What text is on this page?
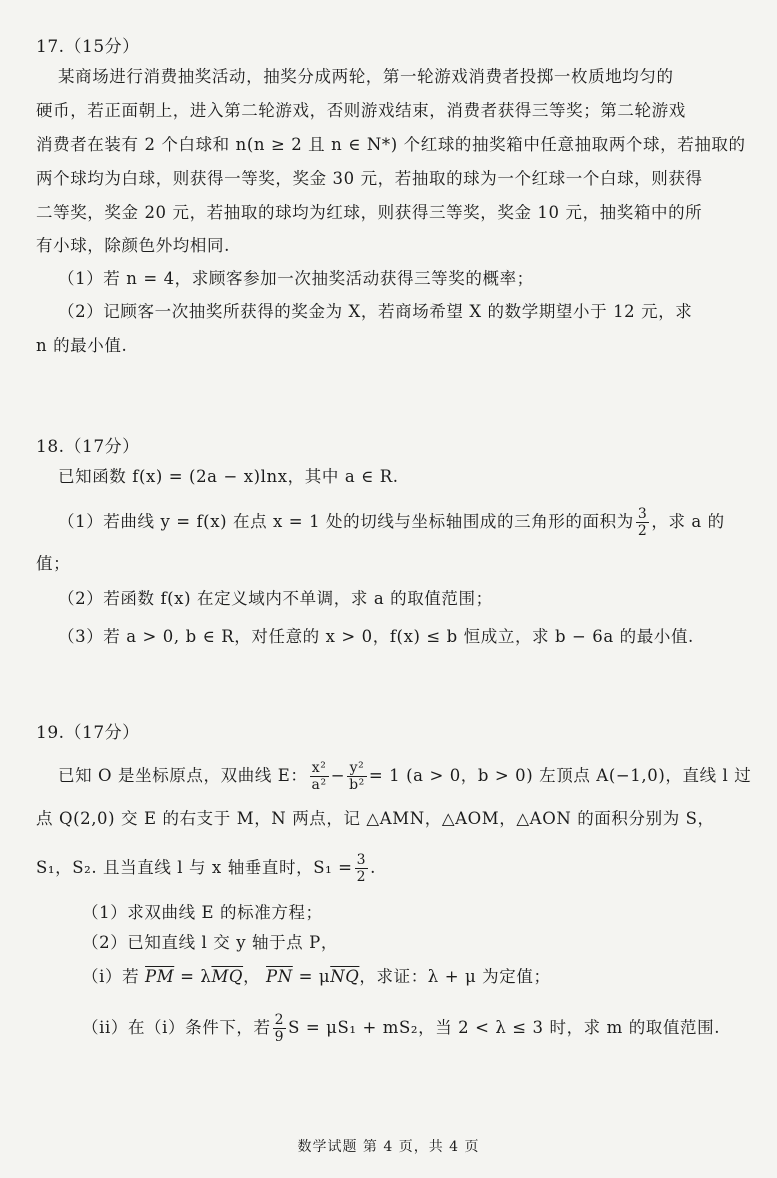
17.（15分）
某商场进行消费抽奖活动，抽奖分成两轮，第一轮游戏消费者投掷一枚质地均匀的
硬币，若正面朝上，进入第二轮游戏，否则游戏结束，消费者获得三等奖；第二轮游戏
消费者在装有 2 个白球和 n(n ≥ 2 且 n ∈ N*) 个红球的抽奖箱中任意抽取两个球，若抽取的
两个球均为白球，则获得一等奖，奖金 30 元，若抽取的球为一个红球一个白球，则获得
二等奖，奖金 20 元，若抽取的球均为红球，则获得三等奖，奖金 10 元，抽奖箱中的所
有小球，除颜色外均相同.
（1）若 n = 4，求顾客参加一次抽奖活动获得三等奖的概率；
（2）记顾客一次抽奖所获得的奖金为 X，若商场希望 X 的数学期望小于 12 元，求
n 的最小值.
18.（17分）
已知函数 f(x) = (2a − x)lnx，其中 a ∈ R.
（1）若曲线 y = f(x) 在点 x = 1 处的切线与坐标轴围成的三角形的面积为 $\frac{3}{2}$ ，求 a 的
值；
（2）若函数 f(x) 在定义域内不单调，求 a 的取值范围；
（3）若 a > 0, b ∈ R，对任意的 x > 0，f(x) ≤ b 恒成立，求 b − 6a 的最小值.
19.（17分）
已知 O 是坐标原点，双曲线 E： $\frac{\text{x²}}{\text{a²}} - \frac{\text{y²}}{\text{b²}} = 1$ (a > 0，b > 0) 左顶点 A(−1,0)，直线 l 过
点 Q(2,0) 交 E 的右支于 M，N 两点，记 △AMN，△AOM，△AON 的面积分别为 S，
S₁，S₂. 且当直线 l 与 x 轴垂直时，$S_1 = \frac{3}{2}$ .
（1）求双曲线 E 的标准方程；
（2）已知直线 l 交 y 轴于点 P，
（i）若 $\overline{PM} = \lambda\overline{MQ}$， $\overline{PN} = \mu\overline{NQ}$，求证：λ + μ 为定值；
（ii）在（i）条件下，若 $\frac{2}{9}$ S = μS₁ + mS₂，当 2 < λ ≤ 3 时，求 m 的取值范围.
数学试题 第 4 页，共 4 页
